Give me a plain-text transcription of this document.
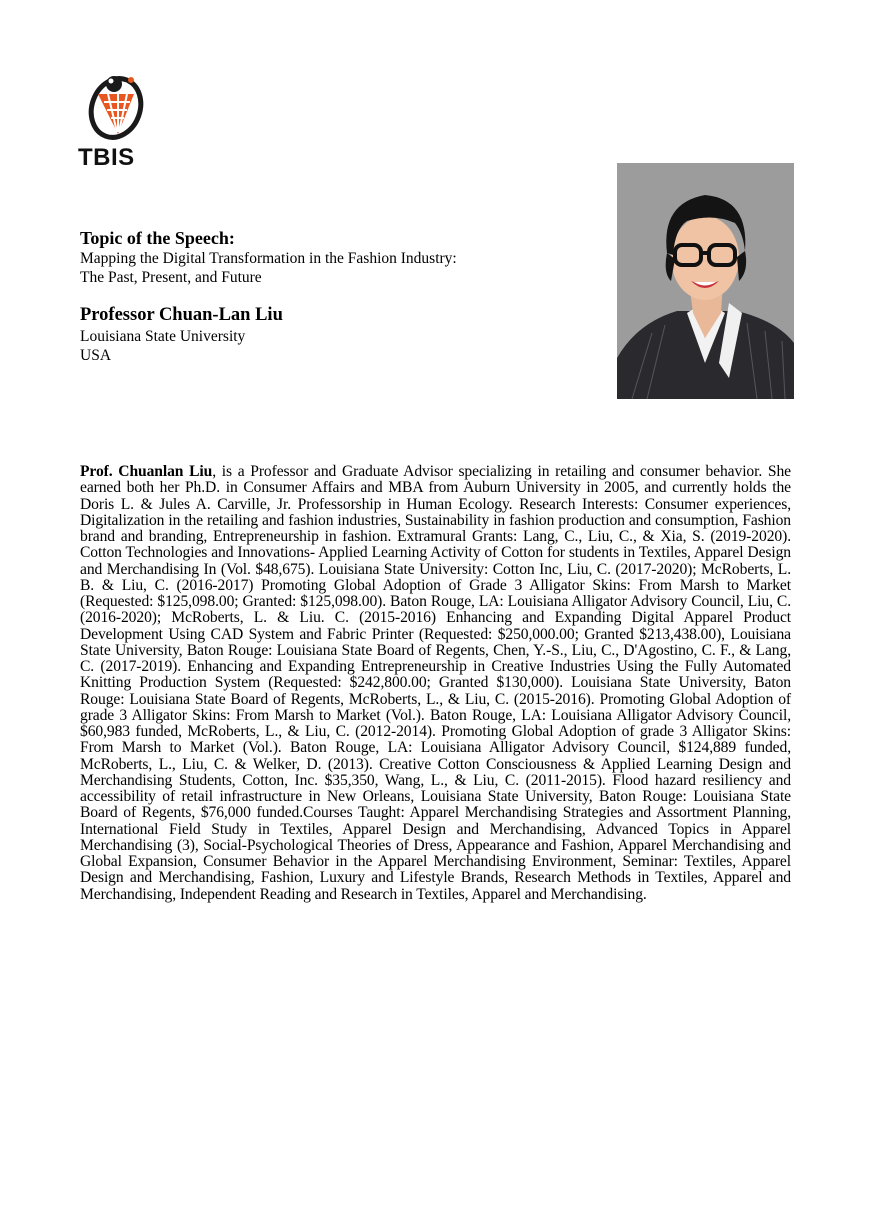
TBIS
Topic of the Speech:
Mapping the Digital Transformation in the Fashion Industry:
The Past, Present, and Future
Professor Chuan-Lan Liu
Louisiana State University
USA
Prof. Chuanlan Liu, is a Professor and Graduate Advisor specializing in retailing and consumer behavior. She earned both her Ph.D. in Consumer Affairs and MBA from Auburn University in 2005, and currently holds the Doris L. & Jules A. Carville, Jr. Professorship in Human Ecology. Research Interests: Consumer experiences, Digitalization in the retailing and fashion industries, Sustainability in fashion production and consumption, Fashion brand and branding, Entrepreneurship in fashion. Extramural Grants: Lang, C., Liu, C., & Xia, S. (2019-2020). Cotton Technologies and Innovations- Applied Learning Activity of Cotton for students in Textiles, Apparel Design and Merchandising In (Vol. $48,675). Louisiana State University: Cotton Inc, Liu, C. (2017-2020); McRoberts, L. B. & Liu, C. (2016-2017) Promoting Global Adoption of Grade 3 Alligator Skins: From Marsh to Market (Requested: $125,098.00; Granted: $125,098.00). Baton Rouge, LA: Louisiana Alligator Advisory Council, Liu, C. (2016-2020); McRoberts, L. & Liu. C. (2015-2016) Enhancing and Expanding Digital Apparel Product Development Using CAD System and Fabric Printer (Requested: $250,000.00; Granted $213,438.00), Louisiana State University, Baton Rouge: Louisiana State Board of Regents, Chen, Y.-S., Liu, C., D'Agostino, C. F., & Lang, C. (2017-2019). Enhancing and Expanding Entrepreneurship in Creative Industries Using the Fully Automated Knitting Production System (Requested: $242,800.00; Granted $130,000). Louisiana State University, Baton Rouge: Louisiana State Board of Regents, McRoberts, L., & Liu, C. (2015-2016). Promoting Global Adoption of grade 3 Alligator Skins: From Marsh to Market (Vol.). Baton Rouge, LA: Louisiana Alligator Advisory Council, $60,983 funded, McRoberts, L., & Liu, C. (2012-2014). Promoting Global Adoption of grade 3 Alligator Skins: From Marsh to Market (Vol.). Baton Rouge, LA: Louisiana Alligator Advisory Council, $124,889 funded, McRoberts, L., Liu, C. & Welker, D. (2013). Creative Cotton Consciousness & Applied Learning Design and Merchandising Students, Cotton, Inc. $35,350, Wang, L., & Liu, C. (2011-2015). Flood hazard resiliency and accessibility of retail infrastructure in New Orleans, Louisiana State University, Baton Rouge: Louisiana State Board of Regents, $76,000 funded.Courses Taught: Apparel Merchandising Strategies and Assortment Planning, International Field Study in Textiles, Apparel Design and Merchandising, Advanced Topics in Apparel Merchandising (3), Social-Psychological Theories of Dress, Appearance and Fashion, Apparel Merchandising and Global Expansion, Consumer Behavior in the Apparel Merchandising Environment, Seminar: Textiles, Apparel Design and Merchandising, Fashion, Luxury and Lifestyle Brands, Research Methods in Textiles, Apparel and Merchandising, Independent Reading and Research in Textiles, Apparel and Merchandising.
